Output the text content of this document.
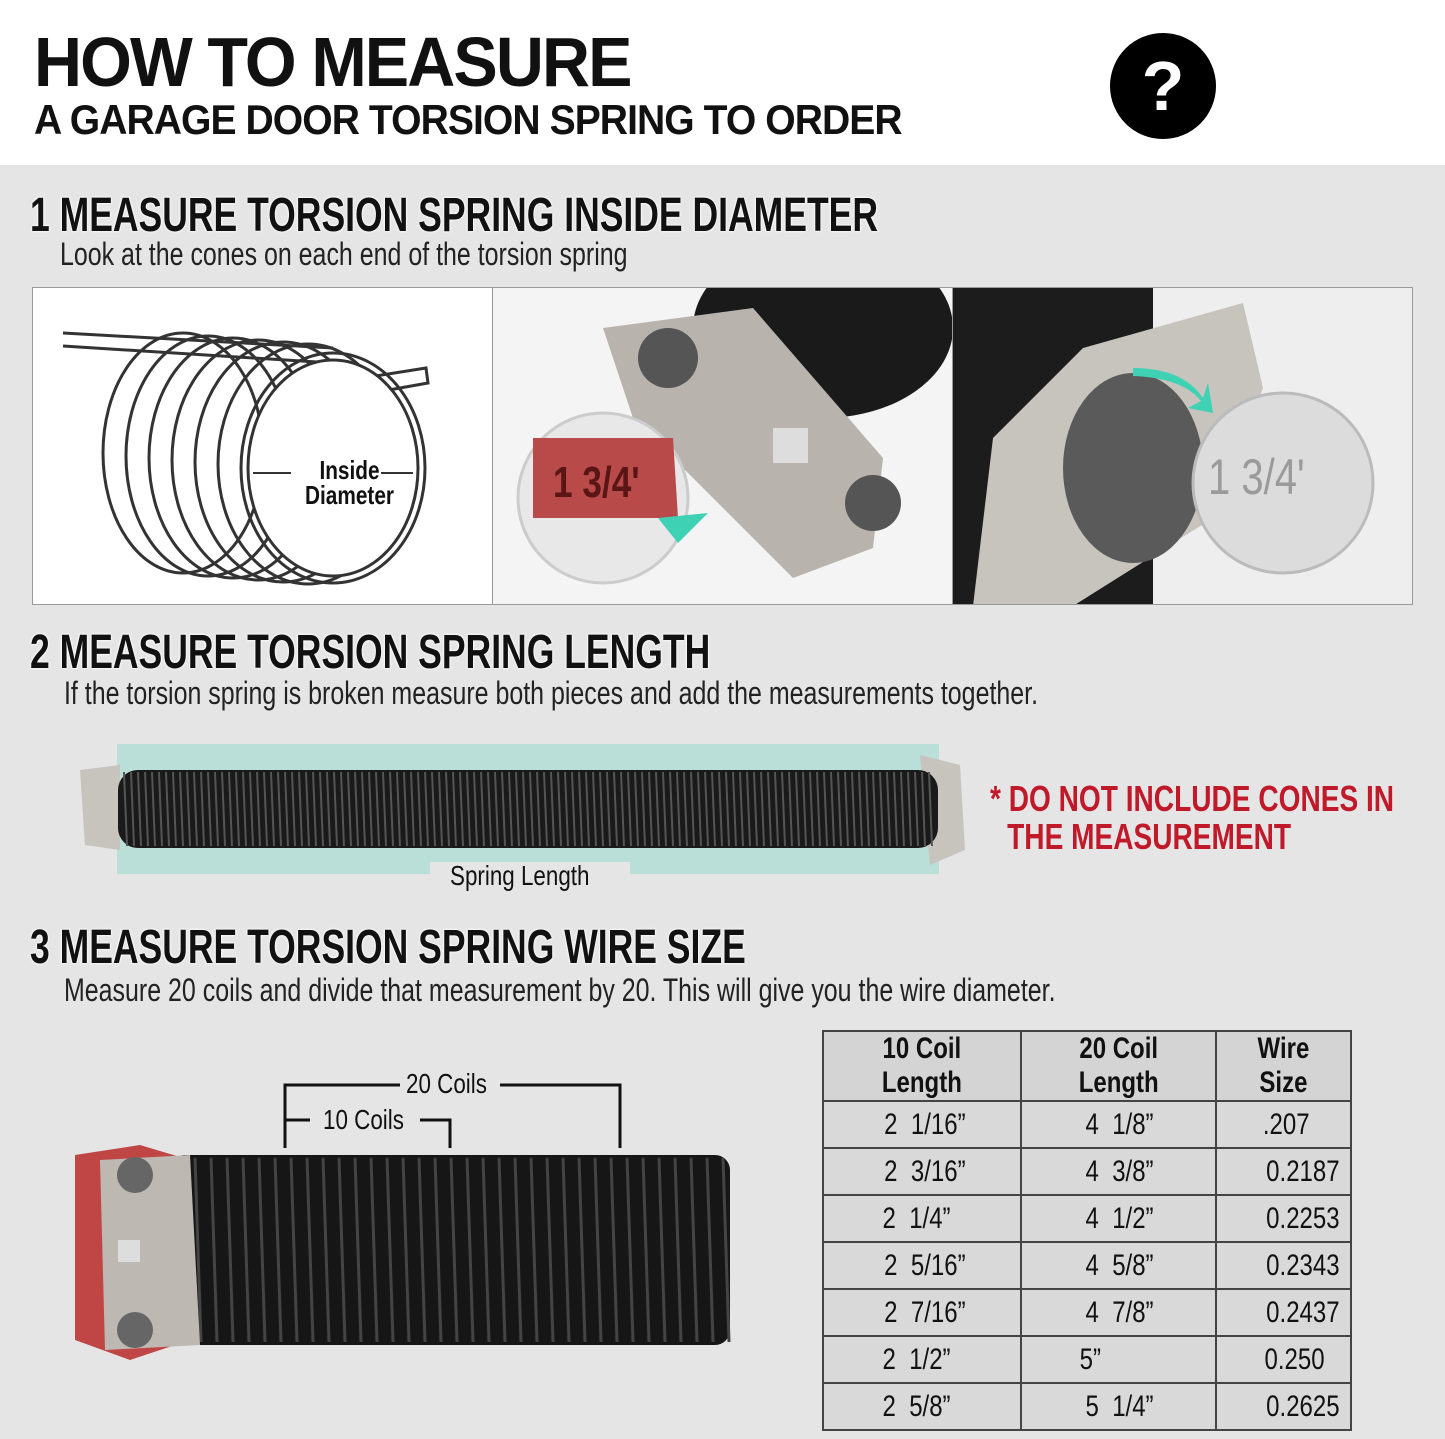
HOW TO MEASURE
A GARAGE DOOR TORSION SPRING TO ORDER	?
1 MEASURE TORSION SPRING INSIDE DIAMETER
Look at the cones on each end of the torsion spring
Inside
Diameter	1 3/4'	1 3/4'
2 MEASURE TORSION SPRING LENGTH
If the torsion spring is broken measure both pieces and add the measurements together.
Spring Length
* DO NOT INCLUDE CONES IN
THE MEASUREMENT
3 MEASURE TORSION SPRING WIRE SIZE
Measure 20 coils and divide that measurement by 20. This will give you the wire diameter.
20 Coils
10 Coils
10 Coil Length	20 Coil Length	Wire Size
2  1/16”	4  1/8”	.207
2  3/16”	4  3/8”	0.2187
2  1/4”	4  1/2”	0.2253
2  5/16”	4  5/8”	0.2343
2  7/16”	4  7/8”	0.2437
2  1/2”	5”	0.250
2  5/8”	5  1/4”	0.2625
